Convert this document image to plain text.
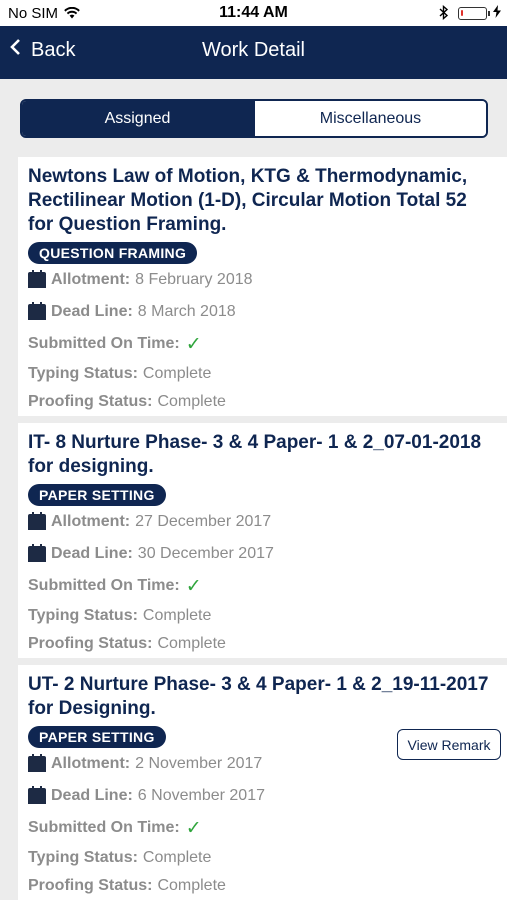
No SIM	11:44 AM
Back	Work Detail
Assigned	Miscellaneous
Newtons Law of Motion, KTG & Thermodynamic, Rectilinear Motion (1-D), Circular Motion Total 52 for Question Framing.
QUESTION FRAMING
Allotment: 8 February 2018
Dead Line: 8 March 2018
Submitted On Time: ✓
Typing Status: Complete
Proofing Status: Complete
IT- 8 Nurture Phase- 3 & 4 Paper- 1 & 2_07-01-2018 for designing.
PAPER SETTING
Allotment: 27 December 2017
Dead Line: 30 December 2017
Submitted On Time: ✓
Typing Status: Complete
Proofing Status: Complete
UT- 2 Nurture Phase- 3 & 4 Paper- 1 & 2_19-11-2017 for Designing.
PAPER SETTING	View Remark
Allotment: 2 November 2017
Dead Line: 6 November 2017
Submitted On Time: ✓
Typing Status: Complete
Proofing Status: Complete
